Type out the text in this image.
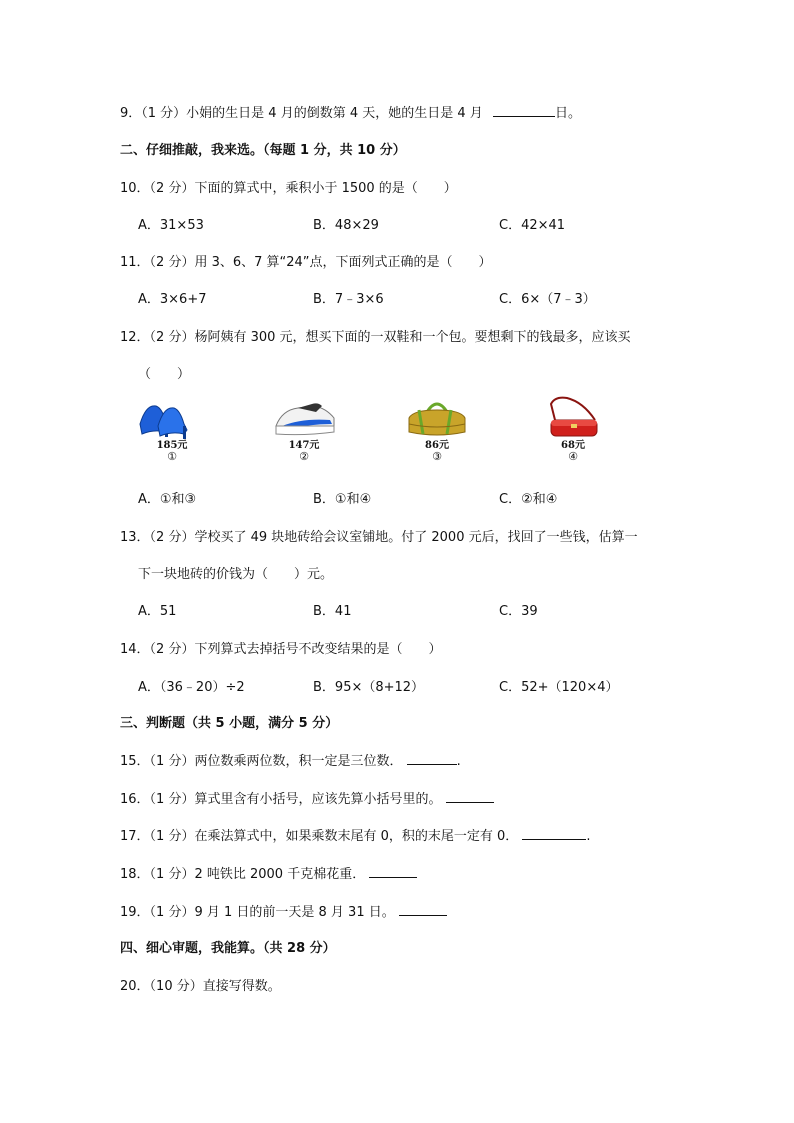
9．（1 分）小娟的生日是 4 月的倒数第 4 天，她的生日是 4 月	日。
二、仔细推敲，我来选。（每题 1 分，共 10 分）
10．（2 分）下面的算式中，乘积小于 1500 的是（　　）
A．31×53	B．48×29	C．42×41
11．（2 分）用 3、6、7 算“24”点，下面列式正确的是（　　）
A．3×6+7	B．7﹣3×6	C．6×（7﹣3）
12．（2 分）杨阿姨有 300 元，想买下面的一双鞋和一个包。要想剩下的钱最多，应该买
（　　）
185元
①
147元
②
86元
③
68元
④
A．①和③	B．①和④	C．②和④
13．（2 分）学校买了 49 块地砖给会议室铺地。付了 2000 元后，找回了一些钱，估算一
下一块地砖的价钱为（　　）元。
A．51	B．41	C．39
14．（2 分）下列算式去掉括号不改变结果的是（　　）
A．（36﹣20）÷2	B．95×（8+12）	C．52+（120×4）
三、判断题（共 5 小题，满分 5 分）
15．（1 分）两位数乘两位数，积一定是三位数．	.
16．（1 分）算式里含有小括号，应该先算小括号里的。
17．（1 分）在乘法算式中，如果乘数末尾有 0，积的末尾一定有 0．	.
18．（1 分）2 吨铁比 2000 千克棉花重．
19．（1 分）9 月 1 日的前一天是 8 月 31 日。
四、细心审题，我能算。（共 28 分）
20．（10 分）直接写得数。
